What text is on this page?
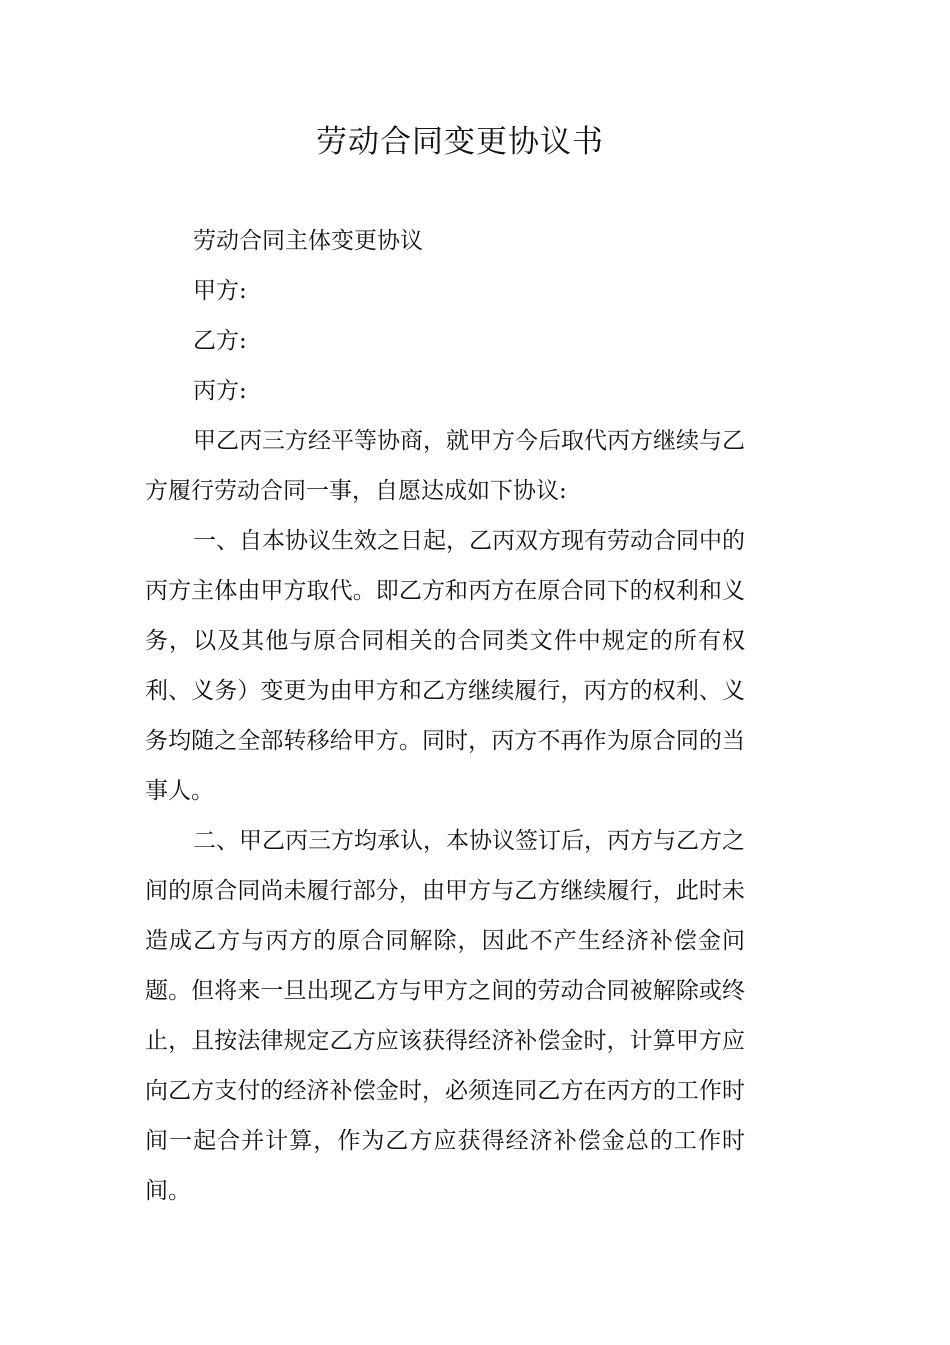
劳动合同变更协议书

劳动合同主体变更协议

甲方:

乙方:

丙方:

甲乙丙三方经平等协商，就甲方今后取代丙方继续与乙方履行劳动合同一事，自愿达成如下协议:

一、自本协议生效之日起，乙丙双方现有劳动合同中的丙方主体由甲方取代。即乙方和丙方在原合同下的权利和义务，以及其他与原合同相关的合同类文件中规定的所有权利、义务）变更为由甲方和乙方继续履行，丙方的权利、义务均随之全部转移给甲方。同时，丙方不再作为原合同的当事人。

二、甲乙丙三方均承认，本协议签订后，丙方与乙方之间的原合同尚未履行部分，由甲方与乙方继续履行，此时未造成乙方与丙方的原合同解除，因此不产生经济补偿金问题。但将来一旦出现乙方与甲方之间的劳动合同被解除或终止，且按法律规定乙方应该获得经济补偿金时，计算甲方应向乙方支付的经济补偿金时，必须连同乙方在丙方的工作时间一起合并计算，作为乙方应获得经济补偿金总的工作时间。
